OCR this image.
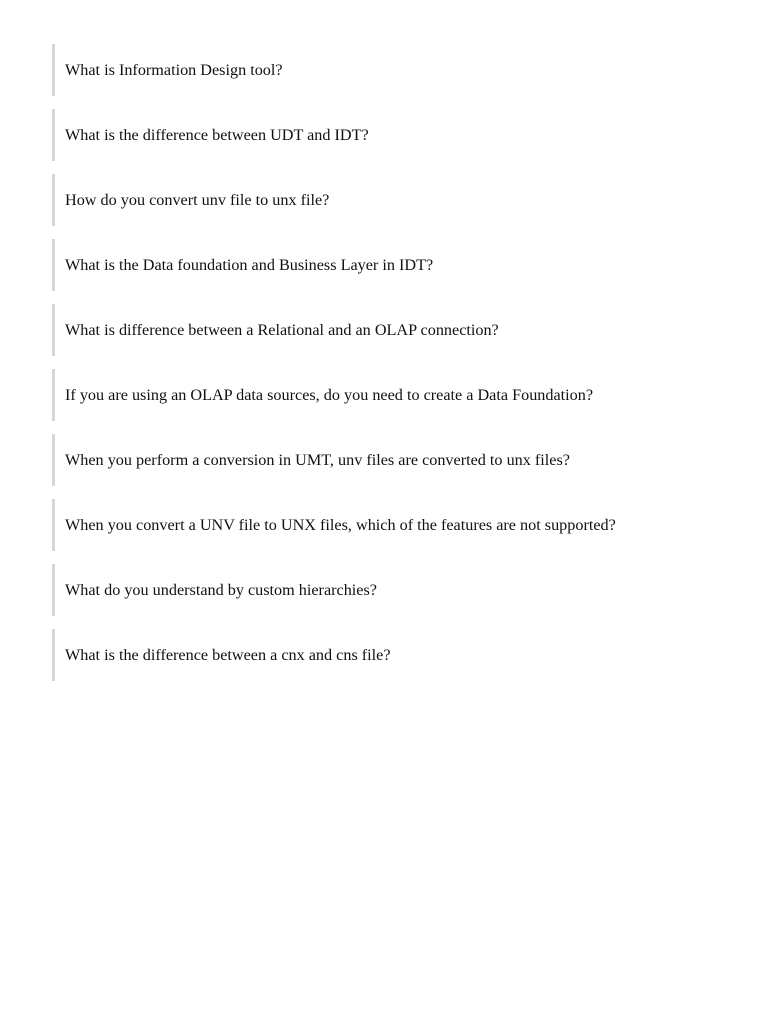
What is Information Design tool?
What is the difference between UDT and IDT?
How do you convert unv file to unx file?
What is the Data foundation and Business Layer in IDT?
What is difference between a Relational and an OLAP connection?
If you are using an OLAP data sources, do you need to create a Data Foundation?
When you perform a conversion in UMT, unv files are converted to unx files?
When you convert a UNV file to UNX files, which of the features are not supported?
What do you understand by custom hierarchies?
What is the difference between a cnx and cns file?
